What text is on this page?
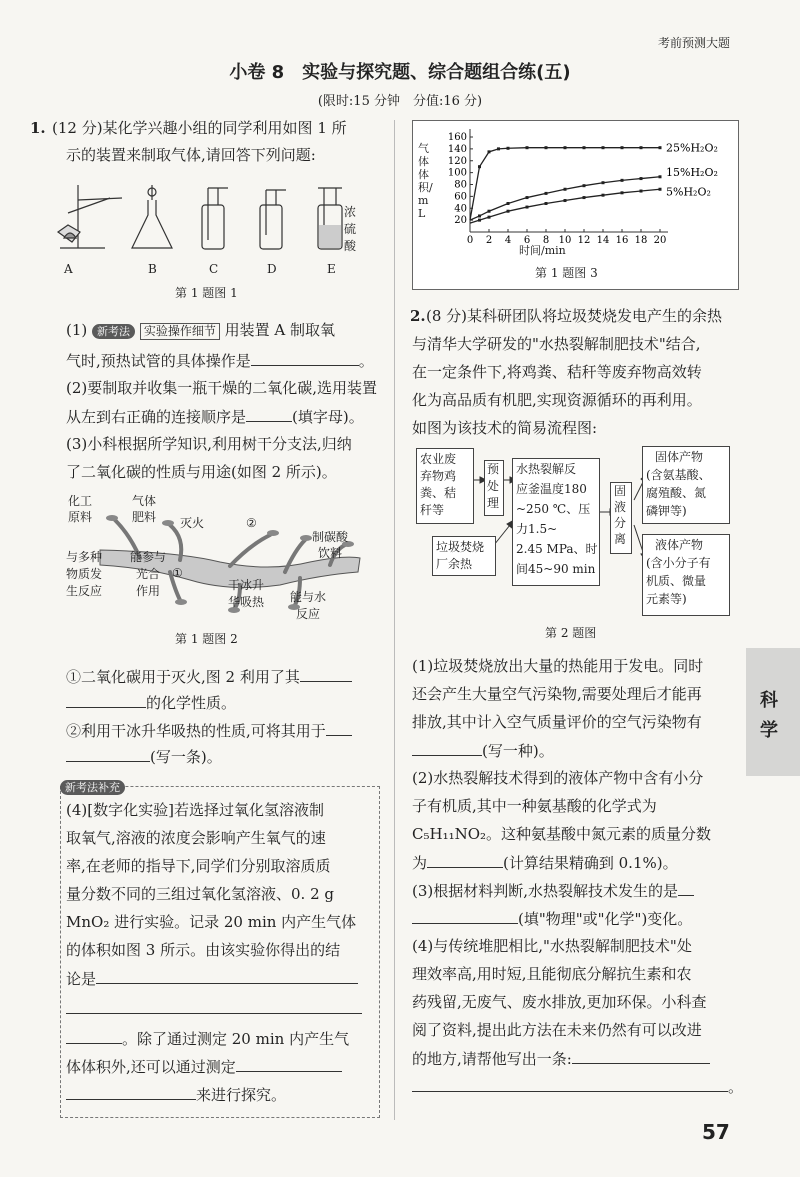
考前预测大题
小卷 8　实验与探究题、综合题组合练(五)
(限时:15 分钟　分值:16 分)
1. (12 分)某化学兴趣小组的同学利用如图 1 所
示的装置来制取气体,请回答下列问题:
A	B	C	D	E
浓
硫
酸
第 1 题图 1
(1) 新考法 实验操作细节 用装置 A 制取氧
气时,预热试管的具体操作是	。
(2)要制取并收集一瓶干燥的二氧化碳,选用装置
从左到右正确的连接顺序是	(填字母)。
(3)小科根据所学知识,利用树干分支法,归纳
了二氧化碳的性质与用途(如图 2 所示)。
化工
原料
气体
肥料 灭火	②
制碳酸
饮料
与多种
物质发
生反应
能参与
光合
作用
①
干冰升
华吸热 能与水
反应
第 1 题图 2
①二氧化碳用于灭火,图 2 利用了其
的化学性质。
②利用干冰升华吸热的性质,可将其用于
(写一条)。
新考法补充
(4)[数字化实验]若选择过氧化氢溶液制
取氧气,溶液的浓度会影响产生氧气的速
率,在老师的指导下,同学们分别取溶质质
量分数不同的三组过氧化氢溶液、0. 2 g
MnO₂ 进行实验。记录 20 min 内产生气体
的体积如图 3 所示。由该实验你得出的结
论是
。除了通过测定 20 min 内产生气
体体积外,还可以通过测定
来进行探究。
0 2 4 6 8 10 12 14 16 18 20
20
40
60
80
100
120
140
160
25%H₂O₂
15%H₂O₂
5%H₂O₂
气体体积/mL
时间/min
第 1 题图 3
2. (8 分)某科研团队将垃圾焚烧发电产生的余热
与清华大学研发的"水热裂解制肥技术"结合,
在一定条件下,将鸡粪、秸秆等废弃物高效转
化为高品质有机肥,实现资源循环的再利用。
如图为该技术的简易流程图:
农业废
弃物鸡
粪、秸
秆等
预
处
理
水热裂解反
应釜温度180
~250 ℃、压
力1.5~
2.45 MPa、时
间45~90 min
垃圾焚烧
厂余热
固
液
分
离
固体产物
(含氨基酸、
腐殖酸、氮
磷钾等)
液体产物
(含小分子有
机质、微量
元素等)
第 2 题图
(1)垃圾焚烧放出大量的热能用于发电。同时
还会产生大量空气污染物,需要处理后才能再
排放,其中计入空气质量评价的空气污染物有
(写一种)。
(2)水热裂解技术得到的液体产物中含有小分
子有机质,其中一种氨基酸的化学式为
C₅H₁₁NO₂。这种氨基酸中氮元素的质量分数
为	(计算结果精确到 0.1%)。
(3)根据材料判断,水热裂解技术发生的是
(填"物理"或"化学")变化。
(4)与传统堆肥相比,"水热裂解制肥技术"处
理效率高,用时短,且能彻底分解抗生素和农
药残留,无废气、废水排放,更加环保。小科查
阅了资料,提出此方法在未来仍然有可以改进
的地方,请帮他写出一条:
。
科
学
57
